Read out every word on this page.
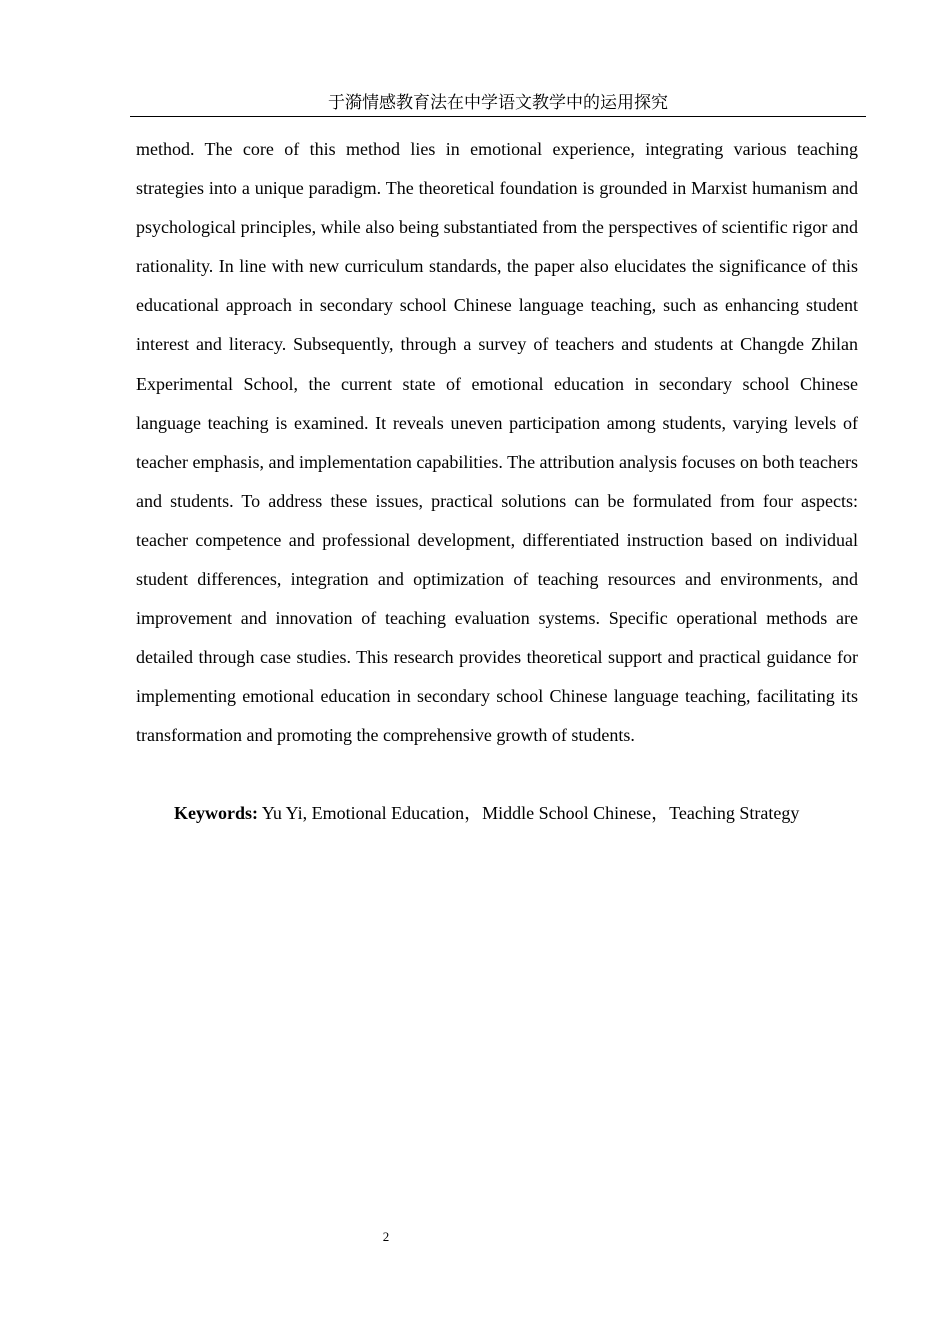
于漪情感教育法在中学语文教学中的运用探究

method. The core of this method lies in emotional experience, integrating various teaching strategies into a unique paradigm. The theoretical foundation is grounded in Marxist humanism and psychological principles, while also being substantiated from the perspectives of scientific rigor and rationality. In line with new curriculum standards, the paper also elucidates the significance of this educational approach in secondary school Chinese language teaching, such as enhancing student interest and literacy. Subsequently, through a survey of teachers and students at Changde Zhilan Experimental School, the current state of emotional education in secondary school Chinese language teaching is examined. It reveals uneven participation among students, varying levels of teacher emphasis, and implementation capabilities. The attribution analysis focuses on both teachers and students. To address these issues, practical solutions can be formulated from four aspects: teacher competence and professional development, differentiated instruction based on individual student differences, integration and optimization of teaching resources and environments, and improvement and innovation of teaching evaluation systems. Specific operational methods are detailed through case studies. This research provides theoretical support and practical guidance for implementing emotional education in secondary school Chinese language teaching, facilitating its transformation and promoting the comprehensive growth of students.

Keywords: Yu Yi, Emotional Education，Middle School Chinese，Teaching Strategy

2
